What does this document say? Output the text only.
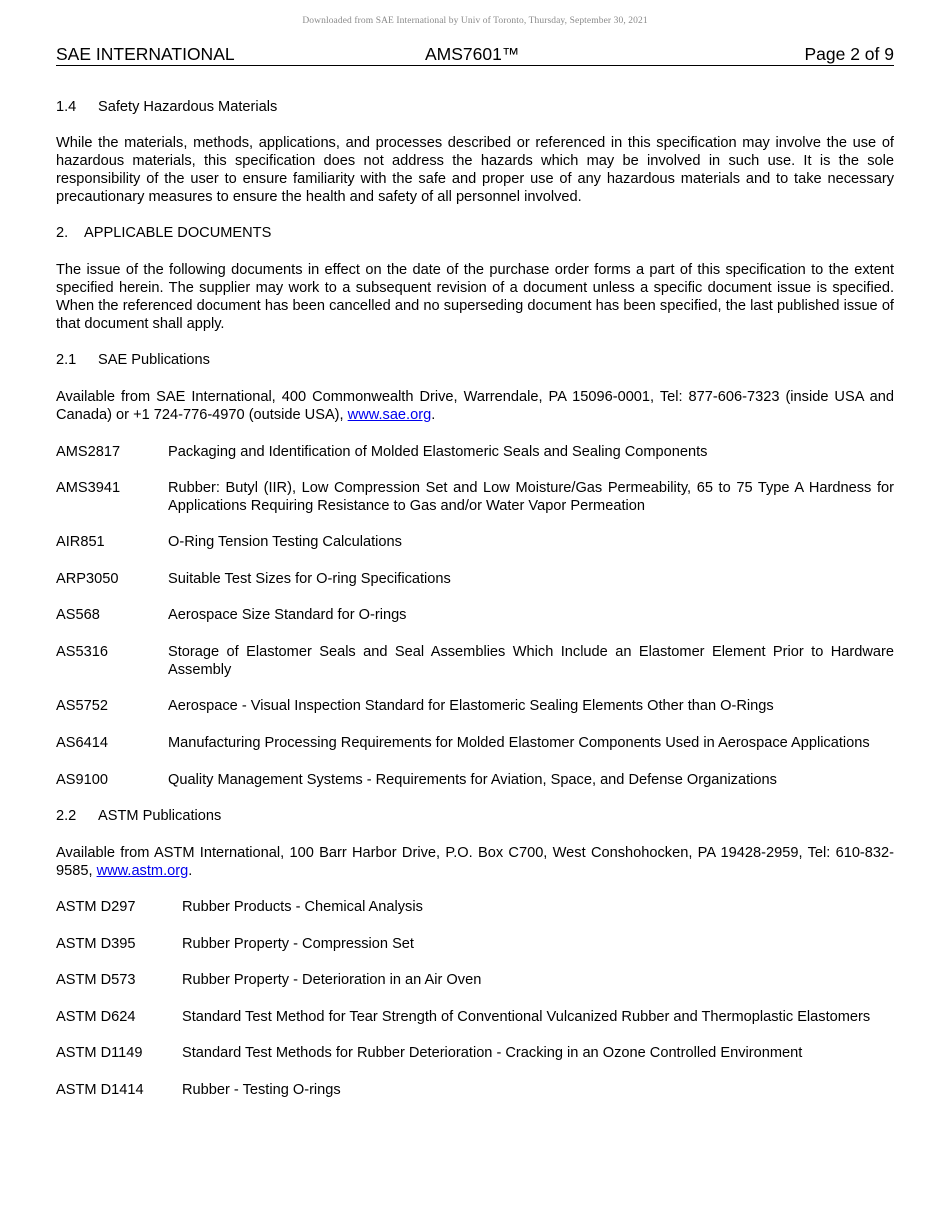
Downloaded from SAE International by Univ of Toronto, Thursday, September 30, 2021
SAE INTERNATIONAL	AMS7601™	Page 2 of 9
1.4 Safety Hazardous Materials

While the materials, methods, applications, and processes described or referenced in this specification may involve the use of hazardous materials, this specification does not address the hazards which may be involved in such use. It is the sole responsibility of the user to ensure familiarity with the safe and proper use of any hazardous materials and to take necessary precautionary measures to ensure the health and safety of all personnel involved.

2. APPLICABLE DOCUMENTS

The issue of the following documents in effect on the date of the purchase order forms a part of this specification to the extent specified herein. The supplier may work to a subsequent revision of a document unless a specific document issue is specified. When the referenced document has been cancelled and no superseding document has been specified, the last published issue of that document shall apply.

2.1 SAE Publications

Available from SAE International, 400 Commonwealth Drive, Warrendale, PA 15096-0001, Tel: 877-606-7323 (inside USA and Canada) or +1 724-776-4970 (outside USA), www.sae.org.

AMS2817	Packaging and Identification of Molded Elastomeric Seals and Sealing Components
AMS3941	Rubber: Butyl (IIR), Low Compression Set and Low Moisture/Gas Permeability, 65 to 75 Type A Hardness for Applications Requiring Resistance to Gas and/or Water Vapor Permeation
AIR851	O-Ring Tension Testing Calculations
ARP3050	Suitable Test Sizes for O-ring Specifications
AS568	Aerospace Size Standard for O-rings
AS5316	Storage of Elastomer Seals and Seal Assemblies Which Include an Elastomer Element Prior to Hardware Assembly
AS5752	Aerospace - Visual Inspection Standard for Elastomeric Sealing Elements Other than O-Rings
AS6414	Manufacturing Processing Requirements for Molded Elastomer Components Used in Aerospace Applications
AS9100	Quality Management Systems - Requirements for Aviation, Space, and Defense Organizations
2.2 ASTM Publications

Available from ASTM International, 100 Barr Harbor Drive, P.O. Box C700, West Conshohocken, PA 19428-2959, Tel: 610-832-9585, www.astm.org.

ASTM D297	Rubber Products - Chemical Analysis
ASTM D395	Rubber Property - Compression Set
ASTM D573	Rubber Property - Deterioration in an Air Oven
ASTM D624	Standard Test Method for Tear Strength of Conventional Vulcanized Rubber and Thermoplastic Elastomers
ASTM D1149	Standard Test Methods for Rubber Deterioration - Cracking in an Ozone Controlled Environment
ASTM D1414	Rubber - Testing O-rings
